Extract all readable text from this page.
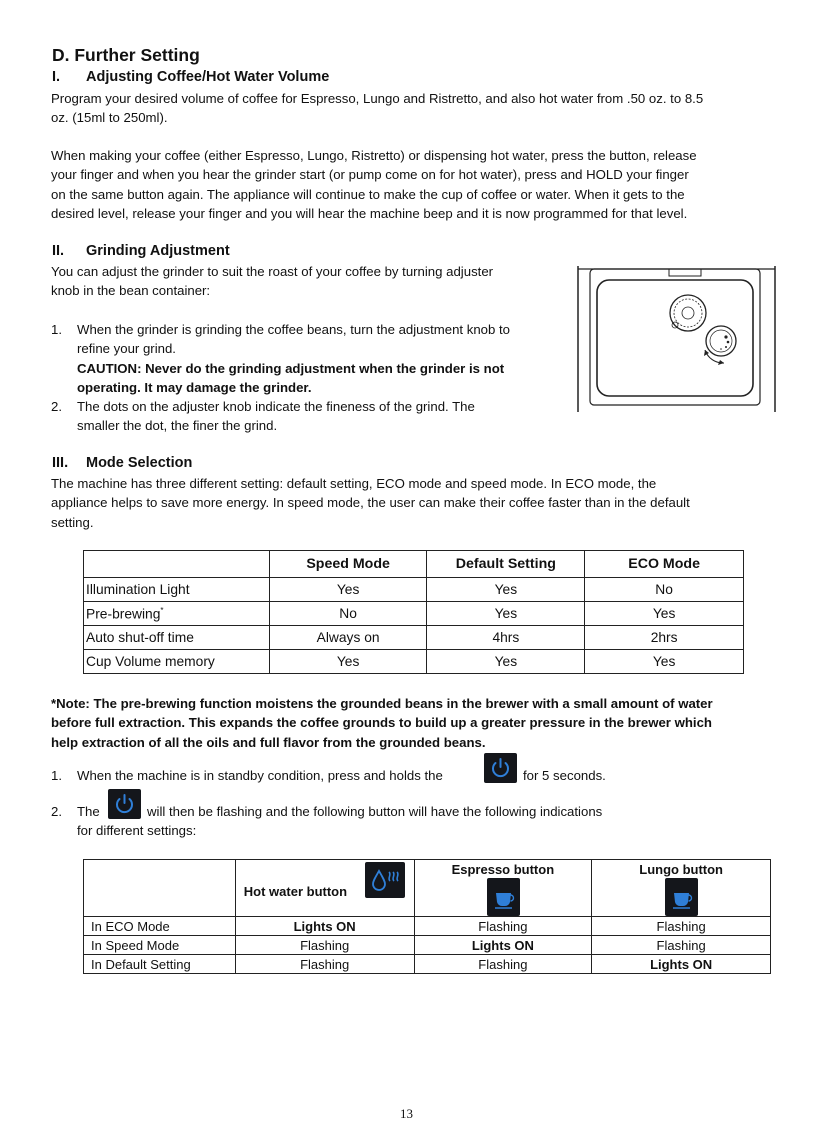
D. Further Setting
I. Adjusting Coffee/Hot Water Volume
Program your desired volume of coffee for Espresso, Lungo and Ristretto, and also hot water from .50 oz. to 8.5
oz. (15ml to 250ml).
When making your coffee (either Espresso, Lungo, Ristretto) or dispensing hot water, press the button, release
your finger and when you hear the grinder start (or pump come on for hot water), press and HOLD your finger
on the same button again. The appliance will continue to make the cup of coffee or water. When it gets to the
desired level, release your finger and you will hear the machine beep and it is now programmed for that level.
II. Grinding Adjustment
You can adjust the grinder to suit the roast of your coffee by turning adjuster
knob in the bean container:
1. When the grinder is grinding the coffee beans, turn the adjustment knob to
refine your grind.
CAUTION: Never do the grinding adjustment when the grinder is not
operating. It may damage the grinder.
2. The dots on the adjuster knob indicate the fineness of the grind. The
smaller the dot, the finer the grind.
III. Mode Selection
The machine has three different setting: default setting, ECO mode and speed mode. In ECO mode, the
appliance helps to save more energy. In speed mode, the user can make their coffee faster than in the default
setting.
	Speed Mode	Default Setting	ECO Mode
Illumination Light	Yes	Yes	No
Pre-brewing*	No	Yes	Yes
Auto shut-off time	Always on	4hrs	2hrs
Cup Volume memory	Yes	Yes	Yes
*Note: The pre-brewing function moistens the grounded beans in the brewer with a small amount of water
before full extraction. This expands the coffee grounds to build up a greater pressure in the brewer which
help extraction of all the oils and full flavor from the grounded beans.
1. When the machine is in standby condition, press and holds the	for 5 seconds.
2. The	will then be flashing and the following button will have the following indications
for different settings:

	Hot water button	Espresso button	Lungo button

In ECO Mode	Lights ON	Flashing	Flashing
In Speed Mode	Flashing	Lights ON	Flashing
In Default Setting	Flashing	Flashing	Lights ON
13
